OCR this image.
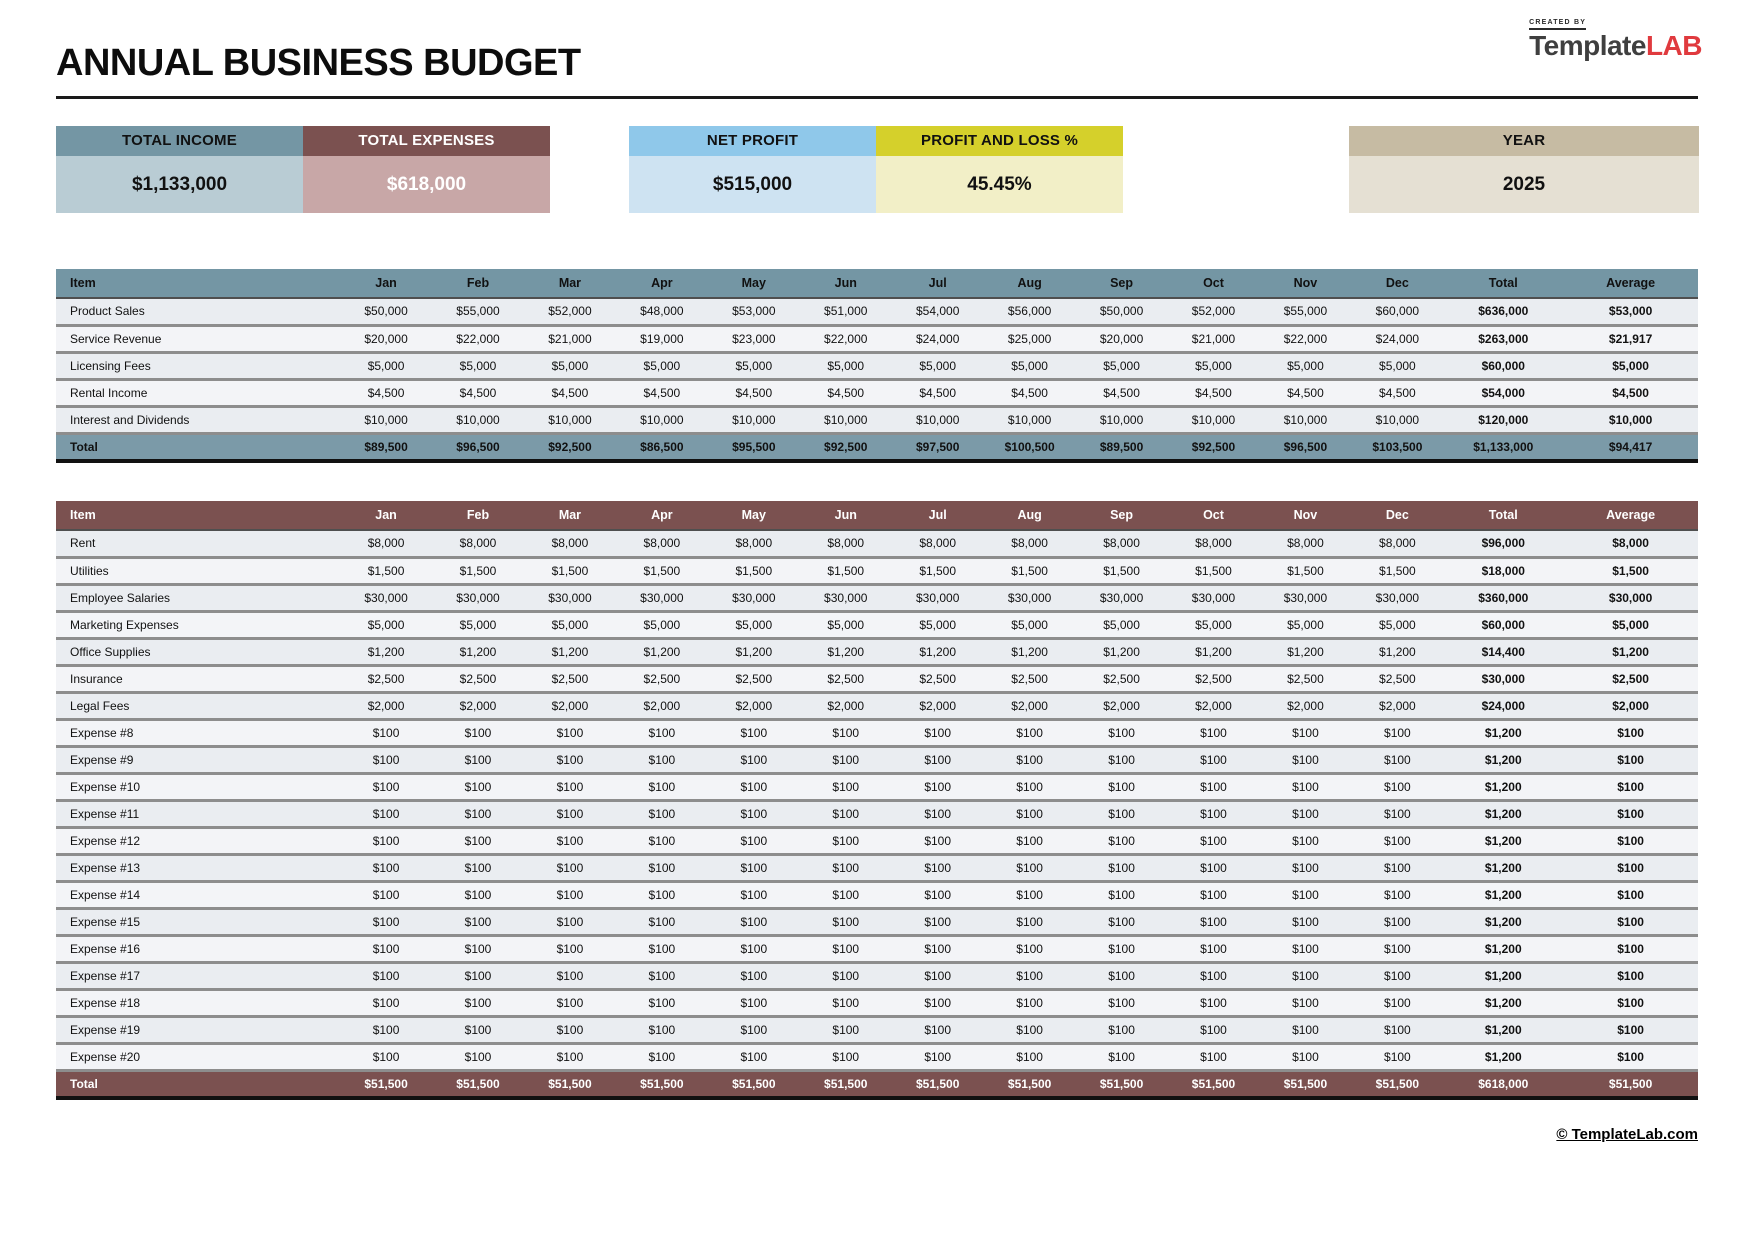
CREATED BY
TemplateLAB
ANNUAL BUSINESS BUDGET
TOTAL INCOME
$1,133,000
TOTAL EXPENSES
$618,000
NET PROFIT
$515,000
PROFIT AND LOSS %
45.45%
YEAR
2025
Item	Jan	Feb	Mar	Apr	May	Jun	Jul	Aug	Sep	Oct	Nov	Dec	Total	Average
Product Sales	$50,000	$55,000	$52,000	$48,000	$53,000	$51,000	$54,000	$56,000	$50,000	$52,000	$55,000	$60,000	$636,000	$53,000
Service Revenue	$20,000	$22,000	$21,000	$19,000	$23,000	$22,000	$24,000	$25,000	$20,000	$21,000	$22,000	$24,000	$263,000	$21,917
Licensing Fees	$5,000	$5,000	$5,000	$5,000	$5,000	$5,000	$5,000	$5,000	$5,000	$5,000	$5,000	$5,000	$60,000	$5,000
Rental Income	$4,500	$4,500	$4,500	$4,500	$4,500	$4,500	$4,500	$4,500	$4,500	$4,500	$4,500	$4,500	$54,000	$4,500
Interest and Dividends	$10,000	$10,000	$10,000	$10,000	$10,000	$10,000	$10,000	$10,000	$10,000	$10,000	$10,000	$10,000	$120,000	$10,000
Total	$89,500	$96,500	$92,500	$86,500	$95,500	$92,500	$97,500	$100,500	$89,500	$92,500	$96,500	$103,500	$1,133,000	$94,417
Item	Jan	Feb	Mar	Apr	May	Jun	Jul	Aug	Sep	Oct	Nov	Dec	Total	Average
Rent	$8,000	$8,000	$8,000	$8,000	$8,000	$8,000	$8,000	$8,000	$8,000	$8,000	$8,000	$8,000	$96,000	$8,000
Utilities	$1,500	$1,500	$1,500	$1,500	$1,500	$1,500	$1,500	$1,500	$1,500	$1,500	$1,500	$1,500	$18,000	$1,500
Employee Salaries	$30,000	$30,000	$30,000	$30,000	$30,000	$30,000	$30,000	$30,000	$30,000	$30,000	$30,000	$30,000	$360,000	$30,000
Marketing Expenses	$5,000	$5,000	$5,000	$5,000	$5,000	$5,000	$5,000	$5,000	$5,000	$5,000	$5,000	$5,000	$60,000	$5,000
Office Supplies	$1,200	$1,200	$1,200	$1,200	$1,200	$1,200	$1,200	$1,200	$1,200	$1,200	$1,200	$1,200	$14,400	$1,200
Insurance	$2,500	$2,500	$2,500	$2,500	$2,500	$2,500	$2,500	$2,500	$2,500	$2,500	$2,500	$2,500	$30,000	$2,500
Legal Fees	$2,000	$2,000	$2,000	$2,000	$2,000	$2,000	$2,000	$2,000	$2,000	$2,000	$2,000	$2,000	$24,000	$2,000
Expense #8	$100	$100	$100	$100	$100	$100	$100	$100	$100	$100	$100	$100	$1,200	$100
Expense #9	$100	$100	$100	$100	$100	$100	$100	$100	$100	$100	$100	$100	$1,200	$100
Expense #10	$100	$100	$100	$100	$100	$100	$100	$100	$100	$100	$100	$100	$1,200	$100
Expense #11	$100	$100	$100	$100	$100	$100	$100	$100	$100	$100	$100	$100	$1,200	$100
Expense #12	$100	$100	$100	$100	$100	$100	$100	$100	$100	$100	$100	$100	$1,200	$100
Expense #13	$100	$100	$100	$100	$100	$100	$100	$100	$100	$100	$100	$100	$1,200	$100
Expense #14	$100	$100	$100	$100	$100	$100	$100	$100	$100	$100	$100	$100	$1,200	$100
Expense #15	$100	$100	$100	$100	$100	$100	$100	$100	$100	$100	$100	$100	$1,200	$100
Expense #16	$100	$100	$100	$100	$100	$100	$100	$100	$100	$100	$100	$100	$1,200	$100
Expense #17	$100	$100	$100	$100	$100	$100	$100	$100	$100	$100	$100	$100	$1,200	$100
Expense #18	$100	$100	$100	$100	$100	$100	$100	$100	$100	$100	$100	$100	$1,200	$100
Expense #19	$100	$100	$100	$100	$100	$100	$100	$100	$100	$100	$100	$100	$1,200	$100
Expense #20	$100	$100	$100	$100	$100	$100	$100	$100	$100	$100	$100	$100	$1,200	$100
Total	$51,500	$51,500	$51,500	$51,500	$51,500	$51,500	$51,500	$51,500	$51,500	$51,500	$51,500	$51,500	$618,000	$51,500
© TemplateLab.com
